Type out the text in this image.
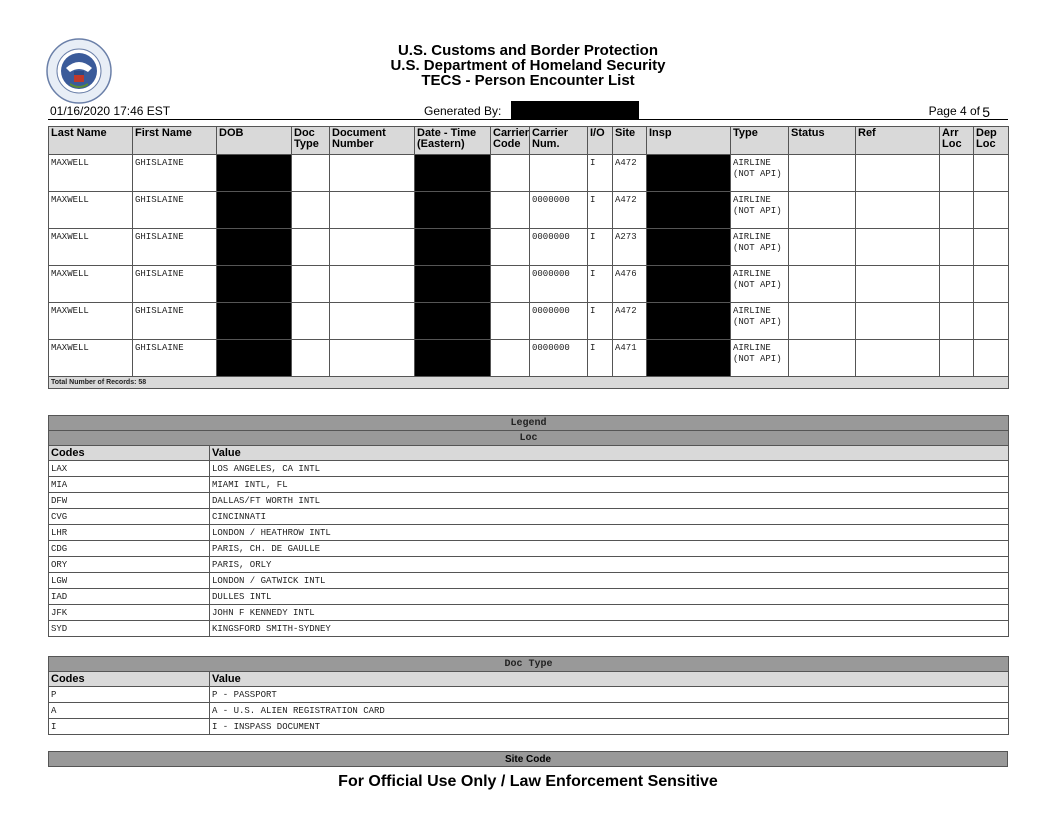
U.S. Customs and Border Protection
U.S. Department of Homeland Security
TECS - Person Encounter List
01/16/2020 17:46 EST	Generated By:	Page 4 of 5
Last Name	First Name	DOB	Doc Type	Document Number	Date - Time (Eastern)	Carrier Code	Carrier Num.	I/O	Site	Insp	Type	Status	Ref	Arr Loc	Dep Loc
MAXWELL	GHISLAINE							I	A472		AIRLINE (NOT API)				
MAXWELL	GHISLAINE						0000000	I	A472		AIRLINE (NOT API)				
MAXWELL	GHISLAINE						0000000	I	A273		AIRLINE (NOT API)				
MAXWELL	GHISLAINE						0000000	I	A476		AIRLINE (NOT API)				
MAXWELL	GHISLAINE						0000000	I	A472		AIRLINE (NOT API)				
MAXWELL	GHISLAINE						0000000	I	A471		AIRLINE (NOT API)				
Total Number of Records: 58															
Legend	
Loc	
Codes	Value
LAX	LOS ANGELES, CA INTL
MIA	MIAMI INTL, FL
DFW	DALLAS/FT WORTH INTL
CVG	CINCINNATI
LHR	LONDON / HEATHROW INTL
CDG	PARIS, CH. DE GAULLE
ORY	PARIS, ORLY
LGW	LONDON / GATWICK INTL
IAD	DULLES INTL
JFK	JOHN F KENNEDY INTL
SYD	KINGSFORD SMITH-SYDNEY
Doc Type	
Codes	Value
P	P - PASSPORT
A	A - U.S. ALIEN REGISTRATION CARD
I	I - INSPASS DOCUMENT
Site Code
For Official Use Only / Law Enforcement Sensitive
